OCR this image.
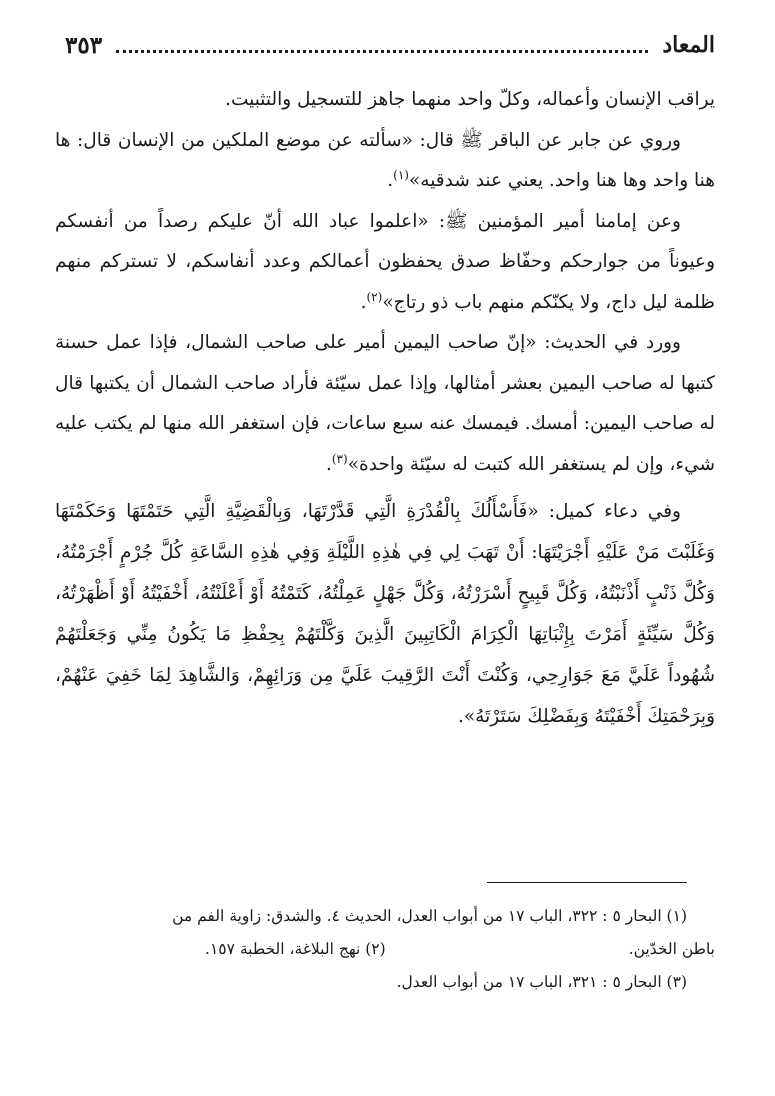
المعاد
٣٥٣

يراقب الإنسان وأعماله، وكلّ واحد منهما جاهز للتسجيل والتثبيت.

وروي عن جابر عن الباقر ﷺ قال: «سألته عن موضع الملكين من الإنسان قال: ها هنا واحد وها هنا واحد. يعني عند شدقيه»$^{(١)}$.

وعن إمامنا أمير المؤمنين ﷺ: «اعلموا عباد الله أنّ عليكم رصداً من أنفسكم وعيوناً من جوارحكم وحفّاظ صدق يحفظون أعمالكم وعدد أنفاسكم، لا تستركم منهم ظلمة ليل داج، ولا يكنّكم منهم باب ذو رتاج»$^{(٢)}$.

وورد في الحديث: «إنّ صاحب اليمين أمير على صاحب الشمال، فإذا عمل حسنة كتبها له صاحب اليمين بعشر أمثالها، وإذا عمل سيّئة فأراد صاحب الشمال أن يكتبها قال له صاحب اليمين: أمسك. فيمسك عنه سبع ساعات، فإن استغفر الله منها لم يكتب عليه شيء، وإن لم يستغفر الله كتبت له سيّئة واحدة»$^{(٣)}$.

وفي دعاء كميل: «فَأَسْأَلُكَ بِالْقُدْرَةِ الَّتِي قَدَّرْتَهَا، وَبِالْقَضِيَّةِ الَّتِي حَتَمْتَهَا وَحَكَمْتَهَا وَغَلَبْتَ مَنْ عَلَيْهِ أَجْرَيْتَهَا: أَنْ تَهَبَ لِي فِي هٰذِهِ اللَّيْلَةِ وَفِي هٰذِهِ السَّاعَةِ كُلَّ جُرْمٍ أَجْرَمْتُهُ، وَكُلَّ ذَنْبٍ أَذْنَبْتُهُ، وَكُلَّ قَبِيحٍ أَسْرَرْتُهُ، وَكُلَّ جَهْلٍ عَمِلْتُهُ، كَتَمْتُهُ أَوْ أَعْلَنْتُهُ، أَخْفَيْتُهُ أَوْ أَظْهَرْتُهُ، وَكُلَّ سَيِّئَةٍ أَمَرْتَ بِإِثْبَاتِهَا الْكِرَامَ الْكَاتِبِينَ الَّذِينَ وَكَّلْتَهُمْ بِحِفْظِ مَا يَكُونُ مِنِّي وَجَعَلْتَهُمْ شُهُوداً عَلَيَّ مَعَ جَوَارِحِي، وَكُنْتَ أَنْتَ الرَّقِيبَ عَلَيَّ مِن وَرَائِهِمْ، وَالشَّاهِدَ لِمَا خَفِيَ عَنْهُمْ، وَبِرَحْمَتِكَ أَخْفَيْتَهُ وَبِفَضْلِكَ سَتَرْتَهُ».

(١) البحار ٥ : ٣٢٢، الباب ١٧ من أبواب العدل، الحديث ٤. والشدق: زاوية الفم من
باطن الخدّين.
(٢) نهج البلاغة، الخطبة ١٥٧.
(٣) البحار ٥ : ٣٢١، الباب ١٧ من أبواب العدل.
